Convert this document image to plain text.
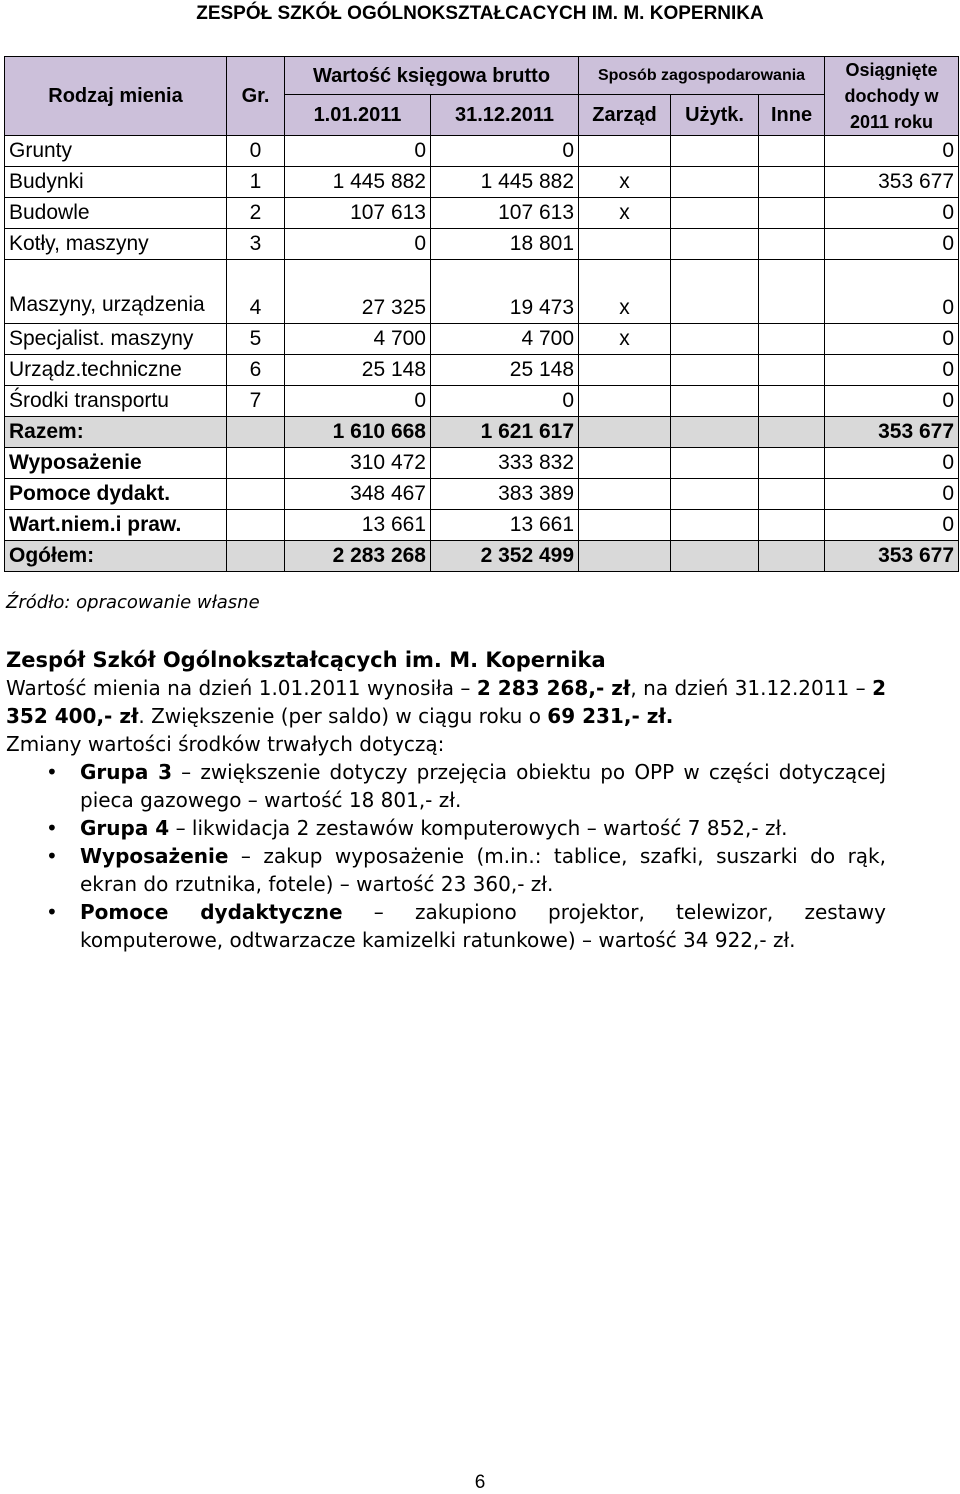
ZESPÓŁ SZKÓŁ OGÓLNOKSZTAŁCACYCH IM. M. KOPERNIKA
Rodzaj mienia	Gr.	Wartość księgowa brutto		Sposób zagospodarowania			Osiągnięte dochody w 2011 roku
		1.01.2011	31.12.2011	Zarząd	Użytk.	Inne	
Grunty	0	0	0				0
Budynki	1	1 445 882	1 445 882	x			353 677
Budowle	2	107 613	107 613	x			0
Kotły, maszyny	3	0	18 801				0
Maszyny, urządzenia	4	27 325	19 473	x			0
Specjalist. maszyny	5	4 700	4 700	x			0
Urządz.techniczne	6	25 148	25 148				0
Środki transportu	7	0	0				0
Razem:		1 610 668	1 621 617				353 677
Wyposażenie		310 472	333 832				0
Pomoce dydakt.		348 467	383 389				0
Wart.niem.i praw.		13 661	13 661				0
Ogółem:		2 283 268	2 352 499				353 677
Źródło: opracowanie własne

Zespół Szkół Ogólnokształcących im. M. Kopernika

Wartość mienia na dzień 1.01.2011 wynosiła – 2 283 268,- zł, na dzień 31.12.2011 – 2 352 400,- zł. Zwiększenie (per saldo) w ciągu roku o 69 231,- zł.

Zmiany wartości środków trwałych dotyczą:

• Grupa 3 – zwiększenie dotyczy przejęcia obiektu po OPP w części dotyczącej pieca gazowego – wartość 18 801,- zł.
• Grupa 4 – likwidacja 2 zestawów komputerowych – wartość 7 852,- zł.
• Wyposażenie – zakup wyposażenie (m.in.: tablice, szafki, suszarki do rąk, ekran do rzutnika, fotele) – wartość 23 360,- zł.
• Pomoce dydaktyczne – zakupiono projektor, telewizor, zestawy komputerowe, odtwarzacze kamizelki ratunkowe) – wartość 34 922,- zł.
6
